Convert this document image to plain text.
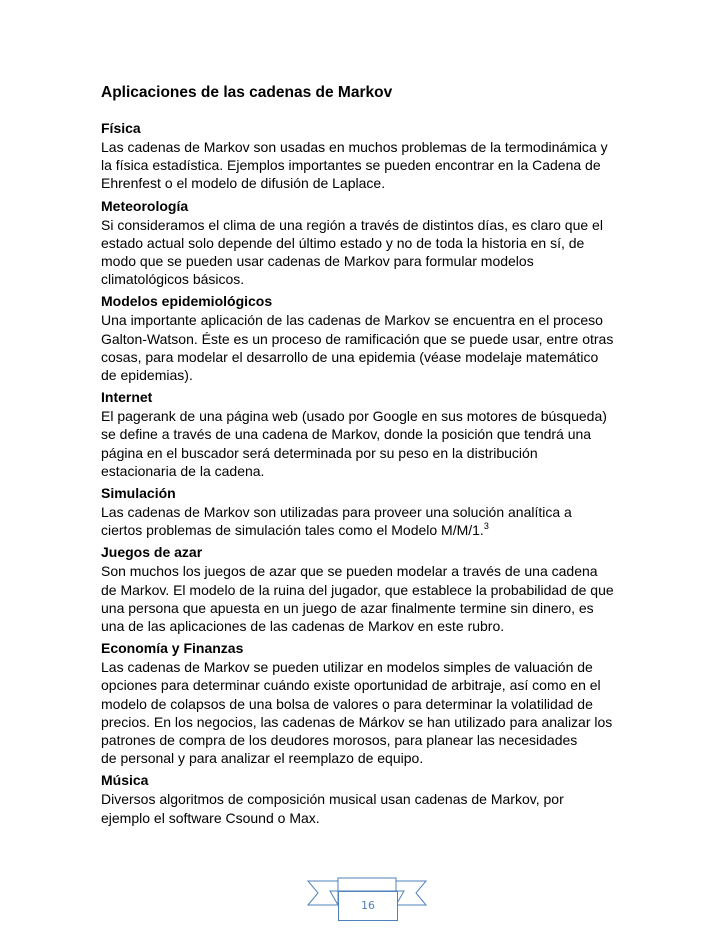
Aplicaciones de las cadenas de Markov
Física
Las cadenas de Markov son usadas en muchos problemas de la termodinámica y
la física estadística. Ejemplos importantes se pueden encontrar en la Cadena de
Ehrenfest o el modelo de difusión de Laplace.
Meteorología
Si consideramos el clima de una región a través de distintos días, es claro que el
estado actual solo depende del último estado y no de toda la historia en sí, de
modo que se pueden usar cadenas de Markov para formular modelos
climatológicos básicos.
Modelos epidemiológicos
Una importante aplicación de las cadenas de Markov se encuentra en el proceso
Galton-Watson. Éste es un proceso de ramificación que se puede usar, entre otras
cosas, para modelar el desarrollo de una epidemia (véase modelaje matemático
de epidemias).
Internet
El pagerank de una página web (usado por Google en sus motores de búsqueda)
se define a través de una cadena de Markov, donde la posición que tendrá una
página en el buscador será determinada por su peso en la distribución
estacionaria de la cadena.
Simulación
Las cadenas de Markov son utilizadas para proveer una solución analítica a
ciertos problemas de simulación tales como el Modelo M/M/1.$^3$
Juegos de azar
Son muchos los juegos de azar que se pueden modelar a través de una cadena
de Markov. El modelo de la ruina del jugador, que establece la probabilidad de que
una persona que apuesta en un juego de azar finalmente termine sin dinero, es
una de las aplicaciones de las cadenas de Markov en este rubro.
Economía y Finanzas
Las cadenas de Markov se pueden utilizar en modelos simples de valuación de
opciones para determinar cuándo existe oportunidad de arbitraje, así como en el
modelo de colapsos de una bolsa de valores o para determinar la volatilidad de
precios. En los negocios, las cadenas de Márkov se han utilizado para analizar los
patrones de compra de los deudores morosos, para planear las necesidades
de personal y para analizar el reemplazo de equipo.
Música
Diversos algoritmos de composición musical usan cadenas de Markov, por
ejemplo el software Csound o Max.
16
